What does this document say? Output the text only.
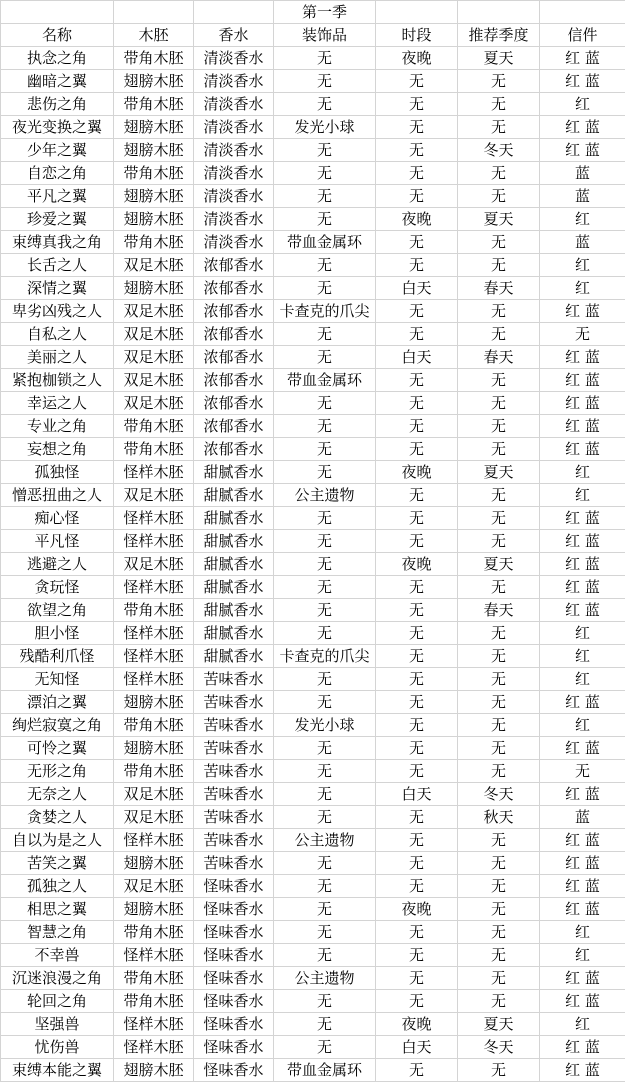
			第一季			
名称	木胚	香水	装饰品	时段	推荐季度	信件
执念之角	带角木胚	清淡香水	无	夜晚	夏天	红 蓝
幽暗之翼	翅膀木胚	清淡香水	无	无	无	红 蓝
悲伤之角	带角木胚	清淡香水	无	无	无	红
夜光变换之翼	翅膀木胚	清淡香水	发光小球	无	无	红 蓝
少年之翼	翅膀木胚	清淡香水	无	无	冬天	红 蓝
自恋之角	带角木胚	清淡香水	无	无	无	蓝
平凡之翼	翅膀木胚	清淡香水	无	无	无	蓝
珍爱之翼	翅膀木胚	清淡香水	无	夜晚	夏天	红
束缚真我之角	带角木胚	清淡香水	带血金属环	无	无	蓝
长舌之人	双足木胚	浓郁香水	无	无	无	红
深情之翼	翅膀木胚	浓郁香水	无	白天	春天	红
卑劣凶残之人	双足木胚	浓郁香水	卡查克的爪尖	无	无	红 蓝
自私之人	双足木胚	浓郁香水	无	无	无	无
美丽之人	双足木胚	浓郁香水	无	白天	春天	红 蓝
紧抱枷锁之人	双足木胚	浓郁香水	带血金属环	无	无	红 蓝
幸运之人	双足木胚	浓郁香水	无	无	无	红 蓝
专业之角	带角木胚	浓郁香水	无	无	无	红 蓝
妄想之角	带角木胚	浓郁香水	无	无	无	红 蓝
孤独怪	怪样木胚	甜腻香水	无	夜晚	夏天	红
憎恶扭曲之人	双足木胚	甜腻香水	公主遗物	无	无	红
痴心怪	怪样木胚	甜腻香水	无	无	无	红 蓝
平凡怪	怪样木胚	甜腻香水	无	无	无	红 蓝
逃避之人	双足木胚	甜腻香水	无	夜晚	夏天	红 蓝
贪玩怪	怪样木胚	甜腻香水	无	无	无	红 蓝
欲望之角	带角木胚	甜腻香水	无	无	春天	红 蓝
胆小怪	怪样木胚	甜腻香水	无	无	无	红
残酷利爪怪	怪样木胚	甜腻香水	卡查克的爪尖	无	无	红
无知怪	怪样木胚	苦味香水	无	无	无	红
漂泊之翼	翅膀木胚	苦味香水	无	无	无	红 蓝
绚烂寂寞之角	带角木胚	苦味香水	发光小球	无	无	红
可怜之翼	翅膀木胚	苦味香水	无	无	无	红 蓝
无形之角	带角木胚	苦味香水	无	无	无	无
无奈之人	双足木胚	苦味香水	无	白天	冬天	红 蓝
贪婪之人	双足木胚	苦味香水	无	无	秋天	蓝
自以为是之人	怪样木胚	苦味香水	公主遗物	无	无	红 蓝
苦笑之翼	翅膀木胚	苦味香水	无	无	无	红 蓝
孤独之人	双足木胚	怪味香水	无	无	无	红 蓝
相思之翼	翅膀木胚	怪味香水	无	夜晚	无	红 蓝
智慧之角	带角木胚	怪味香水	无	无	无	红
不幸兽	怪样木胚	怪味香水	无	无	无	红
沉迷浪漫之角	带角木胚	怪味香水	公主遗物	无	无	红 蓝
轮回之角	带角木胚	怪味香水	无	无	无	红 蓝
坚强兽	怪样木胚	怪味香水	无	夜晚	夏天	红
忧伤兽	怪样木胚	怪味香水	无	白天	冬天	红 蓝
束缚本能之翼	翅膀木胚	怪味香水	带血金属环	无	无	红 蓝
